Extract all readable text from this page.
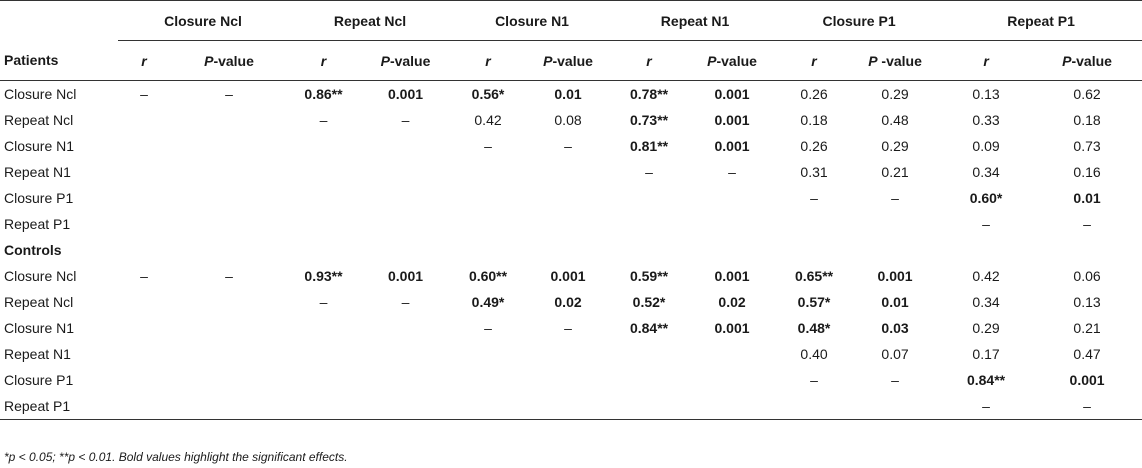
	Closure Ncl		Repeat Ncl		Closure N1		Repeat N1		Closure P1		Repeat P1	
Patients	r	P-value	r	P-value	r	P-value	r	P-value	r	P -value	r	P-value
Closure Ncl	–	–	0.86**	0.001	0.56*	0.01	0.78**	0.001	0.26	0.29	0.13	0.62
Repeat Ncl			–	–	0.42	0.08	0.73**	0.001	0.18	0.48	0.33	0.18
Closure N1					–	–	0.81**	0.001	0.26	0.29	0.09	0.73
Repeat N1							–	–	0.31	0.21	0.34	0.16
Closure P1									–	–	0.60*	0.01
Repeat P1											–	–
Controls												
Closure Ncl	–	–	0.93**	0.001	0.60**	0.001	0.59**	0.001	0.65**	0.001	0.42	0.06
Repeat Ncl			–	–	0.49*	0.02	0.52*	0.02	0.57*	0.01	0.34	0.13
Closure N1					–	–	0.84**	0.001	0.48*	0.03	0.29	0.21
Repeat N1									0.40	0.07	0.17	0.47
Closure P1									–	–	0.84**	0.001
Repeat P1											–	–
*p < 0.05; **p < 0.01. Bold values highlight the significant effects.
